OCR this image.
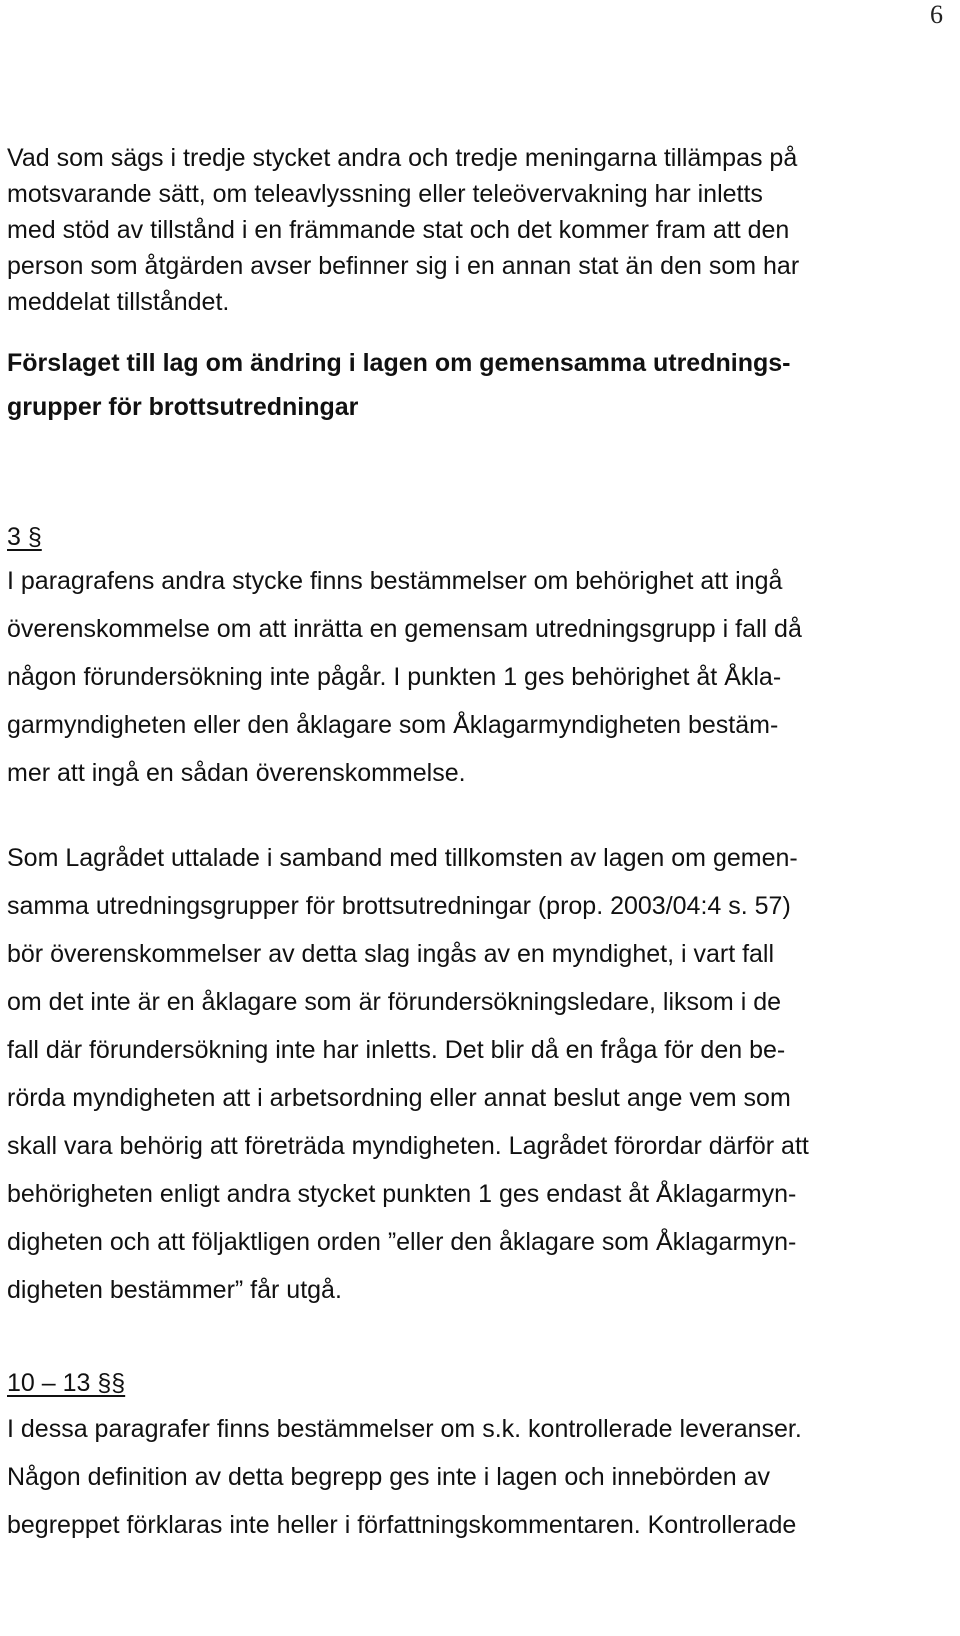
6

Vad som sägs i tredje stycket andra och tredje meningarna tillämpas på
motsvarande sätt, om teleavlyssning eller teleövervakning har inletts
med stöd av tillstånd i en främmande stat och det kommer fram att den
person som åtgärden avser befinner sig i en annan stat än den som har
meddelat tillståndet.

Förslaget till lag om ändring i lagen om gemensamma utrednings-
grupper för brottsutredningar

3 §

I paragrafens andra stycke finns bestämmelser om behörighet att ingå
överenskommelse om att inrätta en gemensam utredningsgrupp i fall då
någon förundersökning inte pågår. I punkten 1 ges behörighet åt Åkla-
garmyndigheten eller den åklagare som Åklagarmyndigheten bestäm-
mer att ingå en sådan överenskommelse.

Som Lagrådet uttalade i samband med tillkomsten av lagen om gemen-
samma utredningsgrupper för brottsutredningar (prop. 2003/04:4 s. 57)
bör överenskommelser av detta slag ingås av en myndighet, i vart fall
om det inte är en åklagare som är förundersökningsledare, liksom i de
fall där förundersökning inte har inletts. Det blir då en fråga för den be-
rörda myndigheten att i arbetsordning eller annat beslut ange vem som
skall vara behörig att företräda myndigheten. Lagrådet förordar därför att
behörigheten enligt andra stycket punkten 1 ges endast åt Åklagarmyn-
digheten och att följaktligen orden ”eller den åklagare som Åklagarmyn-
digheten bestämmer” får utgå.

10 – 13 §§

I dessa paragrafer finns bestämmelser om s.k. kontrollerade leveranser.
Någon definition av detta begrepp ges inte i lagen och innebörden av
begreppet förklaras inte heller i författningskommentaren. Kontrollerade
